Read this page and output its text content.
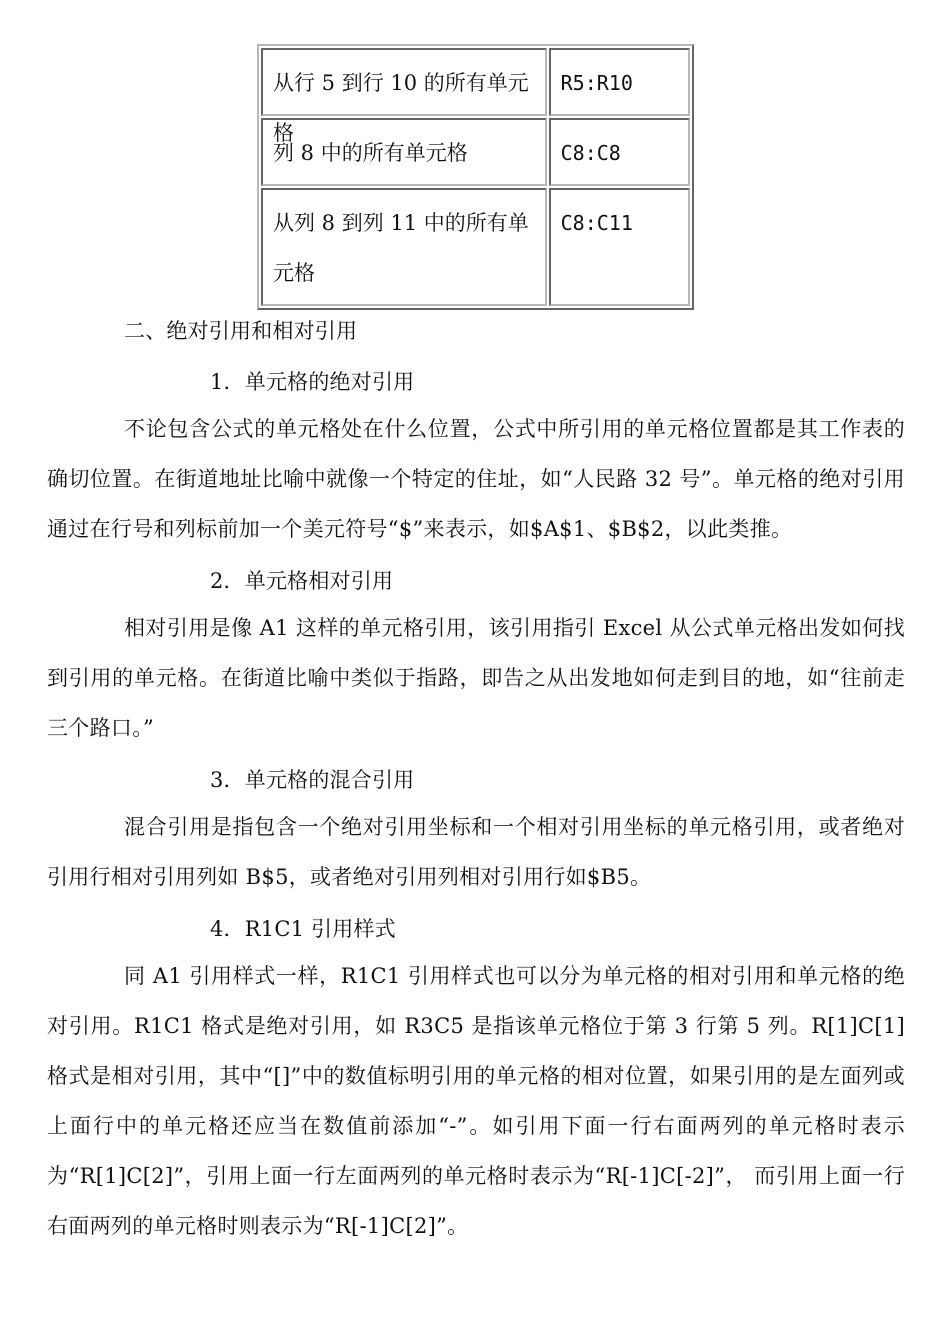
从行 5 到行 10 的所有单元格
R5:R10
列 8 中的所有单元格	C8:C8
从列 8 到列 11 中的所有单元格
C8:C11
二、绝对引用和相对引用
1．单元格的绝对引用

不论包含公式的单元格处在什么位置，公式中所引用的单元格位置都是其工作表的确切位置。在街道地址比喻中就像一个特定的住址，如“人民路 32 号”。单元格的绝对引用通过在行号和列标前加一个美元符号“$”来表示，如$A$1、$B$2，以此类推。

2．单元格相对引用

相对引用是像 A1 这样的单元格引用，该引用指引 Excel 从公式单元格出发如何找到引用的单元格。在街道比喻中类似于指路，即告之从出发地如何走到目的地，如“往前走三个路口。”

3．单元格的混合引用

混合引用是指包含一个绝对引用坐标和一个相对引用坐标的单元格引用，或者绝对引用行相对引用列如 B$5，或者绝对引用列相对引用行如$B5。

4．R1C1 引用样式

同 A1 引用样式一样，R1C1 引用样式也可以分为单元格的相对引用和单元格的绝对引用。R1C1 格式是绝对引用，如 R3C5 是指该单元格位于第 3 行第 5 列。R[1]C[1]格式是相对引用，其中“[]”中的数值标明引用的单元格的相对位置，如果引用的是左面列或上面行中的单元格还应当在数值前添加“-”。如引用下面一行右面两列的单元格时表示为“R[1]C[2]”，引用上面一行左面两列的单元格时表示为“R[-1]C[-2]”， 而引用上面一行右面两列的单元格时则表示为“R[-1]C[2]”。
